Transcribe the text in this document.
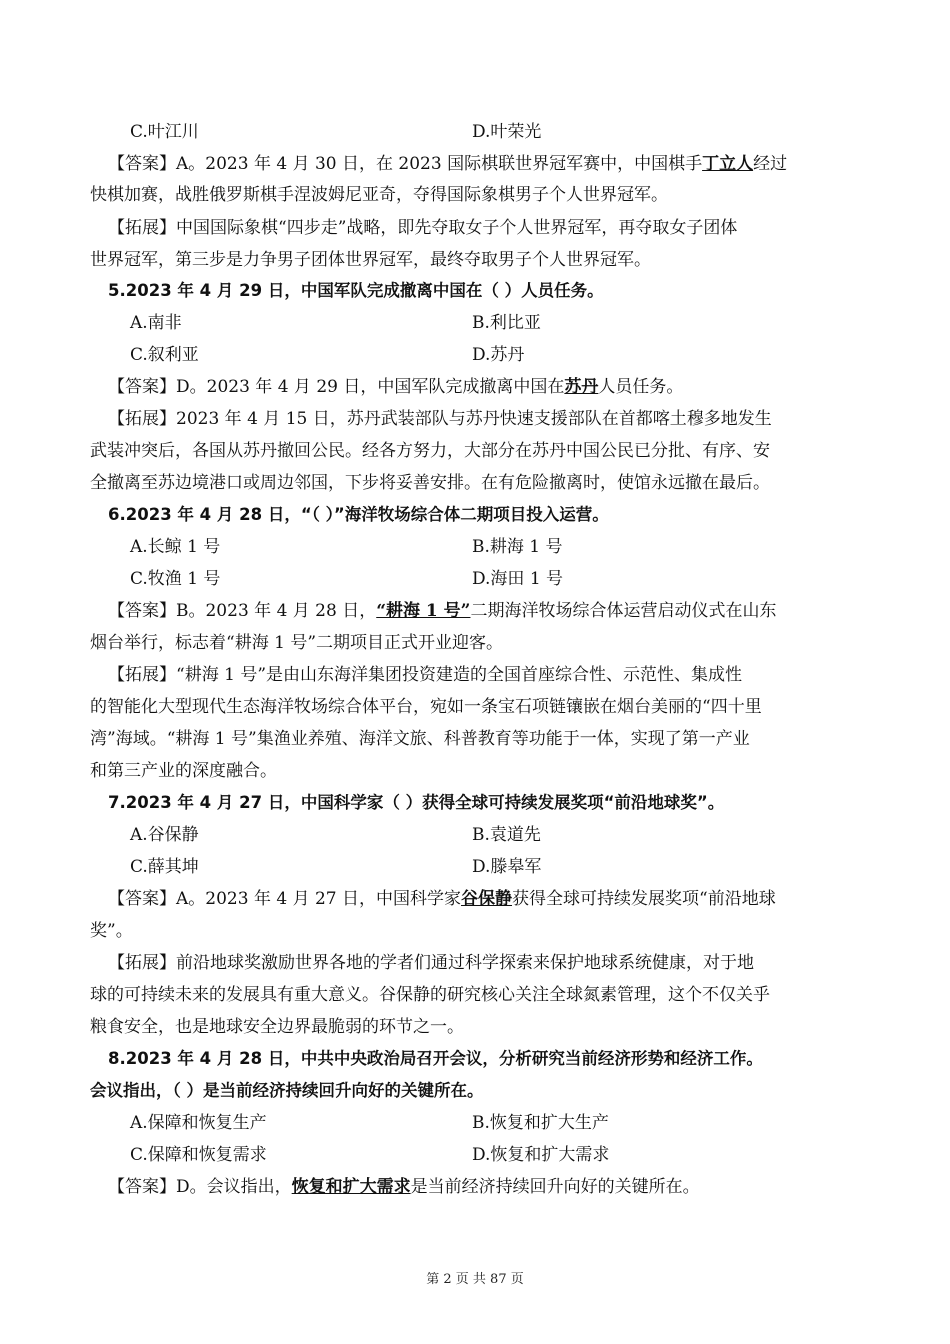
C.叶江川	D.叶荣光
【答案】A。2023 年 4 月 30 日，在 2023 国际棋联世界冠军赛中，中国棋手丁立人经过
快棋加赛，战胜俄罗斯棋手涅波姆尼亚奇，夺得国际象棋男子个人世界冠军。
【拓展】中国国际象棋“四步走”战略，即先夺取女子个人世界冠军，再夺取女子团体
世界冠军，第三步是力争男子团体世界冠军，最终夺取男子个人世界冠军。
5.2023 年 4 月 29 日，中国军队完成撤离中国在（ ）人员任务。
A.南非	B.利比亚
C.叙利亚	D.苏丹
【答案】D。2023 年 4 月 29 日，中国军队完成撤离中国在苏丹人员任务。
【拓展】2023 年 4 月 15 日，苏丹武装部队与苏丹快速支援部队在首都喀土穆多地发生
武装冲突后，各国从苏丹撤回公民。经各方努力，大部分在苏丹中国公民已分批、有序、安
全撤离至苏边境港口或周边邻国，下步将妥善安排。在有危险撤离时，使馆永远撤在最后。
6.2023 年 4 月 28 日，“（ ）”海洋牧场综合体二期项目投入运营。
A.长鲸 1 号	B.耕海 1 号
C.牧渔 1 号	D.海田 1 号
【答案】B。2023 年 4 月 28 日，“耕海 1 号”二期海洋牧场综合体运营启动仪式在山东
烟台举行，标志着“耕海 1 号”二期项目正式开业迎客。
【拓展】“耕海 1 号”是由山东海洋集团投资建造的全国首座综合性、示范性、集成性
的智能化大型现代生态海洋牧场综合体平台，宛如一条宝石项链镶嵌在烟台美丽的“四十里
湾”海域。“耕海 1 号”集渔业养殖、海洋文旅、科普教育等功能于一体，实现了第一产业
和第三产业的深度融合。
7.2023 年 4 月 27 日，中国科学家（ ）获得全球可持续发展奖项“前沿地球奖”。
A.谷保静	B.袁道先
C.薛其坤	D.滕皋军
【答案】A。2023 年 4 月 27 日，中国科学家谷保静获得全球可持续发展奖项“前沿地球
奖”。
【拓展】前沿地球奖激励世界各地的学者们通过科学探索来保护地球系统健康，对于地
球的可持续未来的发展具有重大意义。谷保静的研究核心关注全球氮素管理，这个不仅关乎
粮食安全，也是地球安全边界最脆弱的环节之一。
8.2023 年 4 月 28 日，中共中央政治局召开会议，分析研究当前经济形势和经济工作。
会议指出，（ ）是当前经济持续回升向好的关键所在。
A.保障和恢复生产	B.恢复和扩大生产
C.保障和恢复需求	D.恢复和扩大需求
【答案】D。会议指出，恢复和扩大需求是当前经济持续回升向好的关键所在。
第 2 页 共 87 页
